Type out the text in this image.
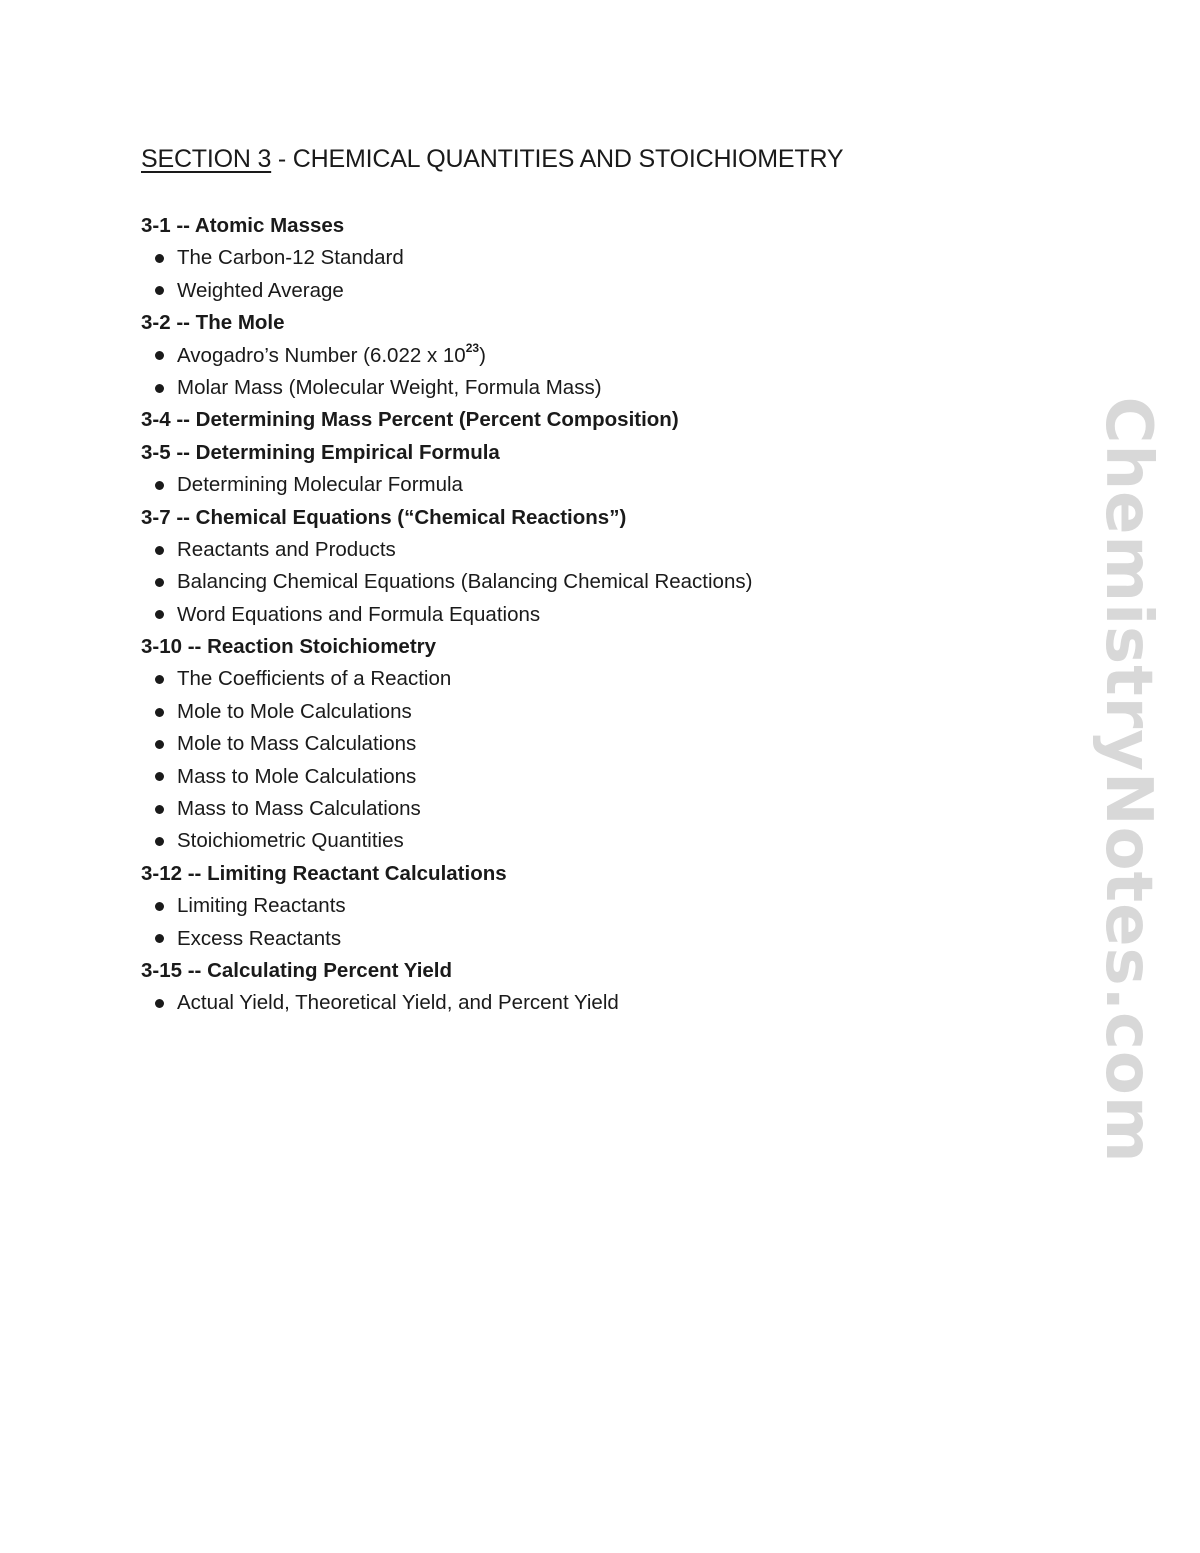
SECTION 3 - CHEMICAL QUANTITIES AND STOICHIOMETRY
3-1 -- Atomic Masses
The Carbon-12 Standard
Weighted Average
3-2 -- The Mole
Avogadro’s Number (6.022 x $10^{23}$)
Molar Mass (Molecular Weight, Formula Mass)
3-4 -- Determining Mass Percent (Percent Composition)
3-5 -- Determining Empirical Formula
Determining Molecular Formula
3-7 -- Chemical Equations (“Chemical Reactions”)
Reactants and Products
Balancing Chemical Equations (Balancing Chemical Reactions)
Word Equations and Formula Equations
3-10 -- Reaction Stoichiometry
The Coefficients of a Reaction
Mole to Mole Calculations
Mole to Mass Calculations
Mass to Mole Calculations
Mass to Mass Calculations
Stoichiometric Quantities
3-12 -- Limiting Reactant Calculations
Limiting Reactants
Excess Reactants
3-15 -- Calculating Percent Yield
Actual Yield, Theoretical Yield, and Percent Yield	ChemistryNotes.com
